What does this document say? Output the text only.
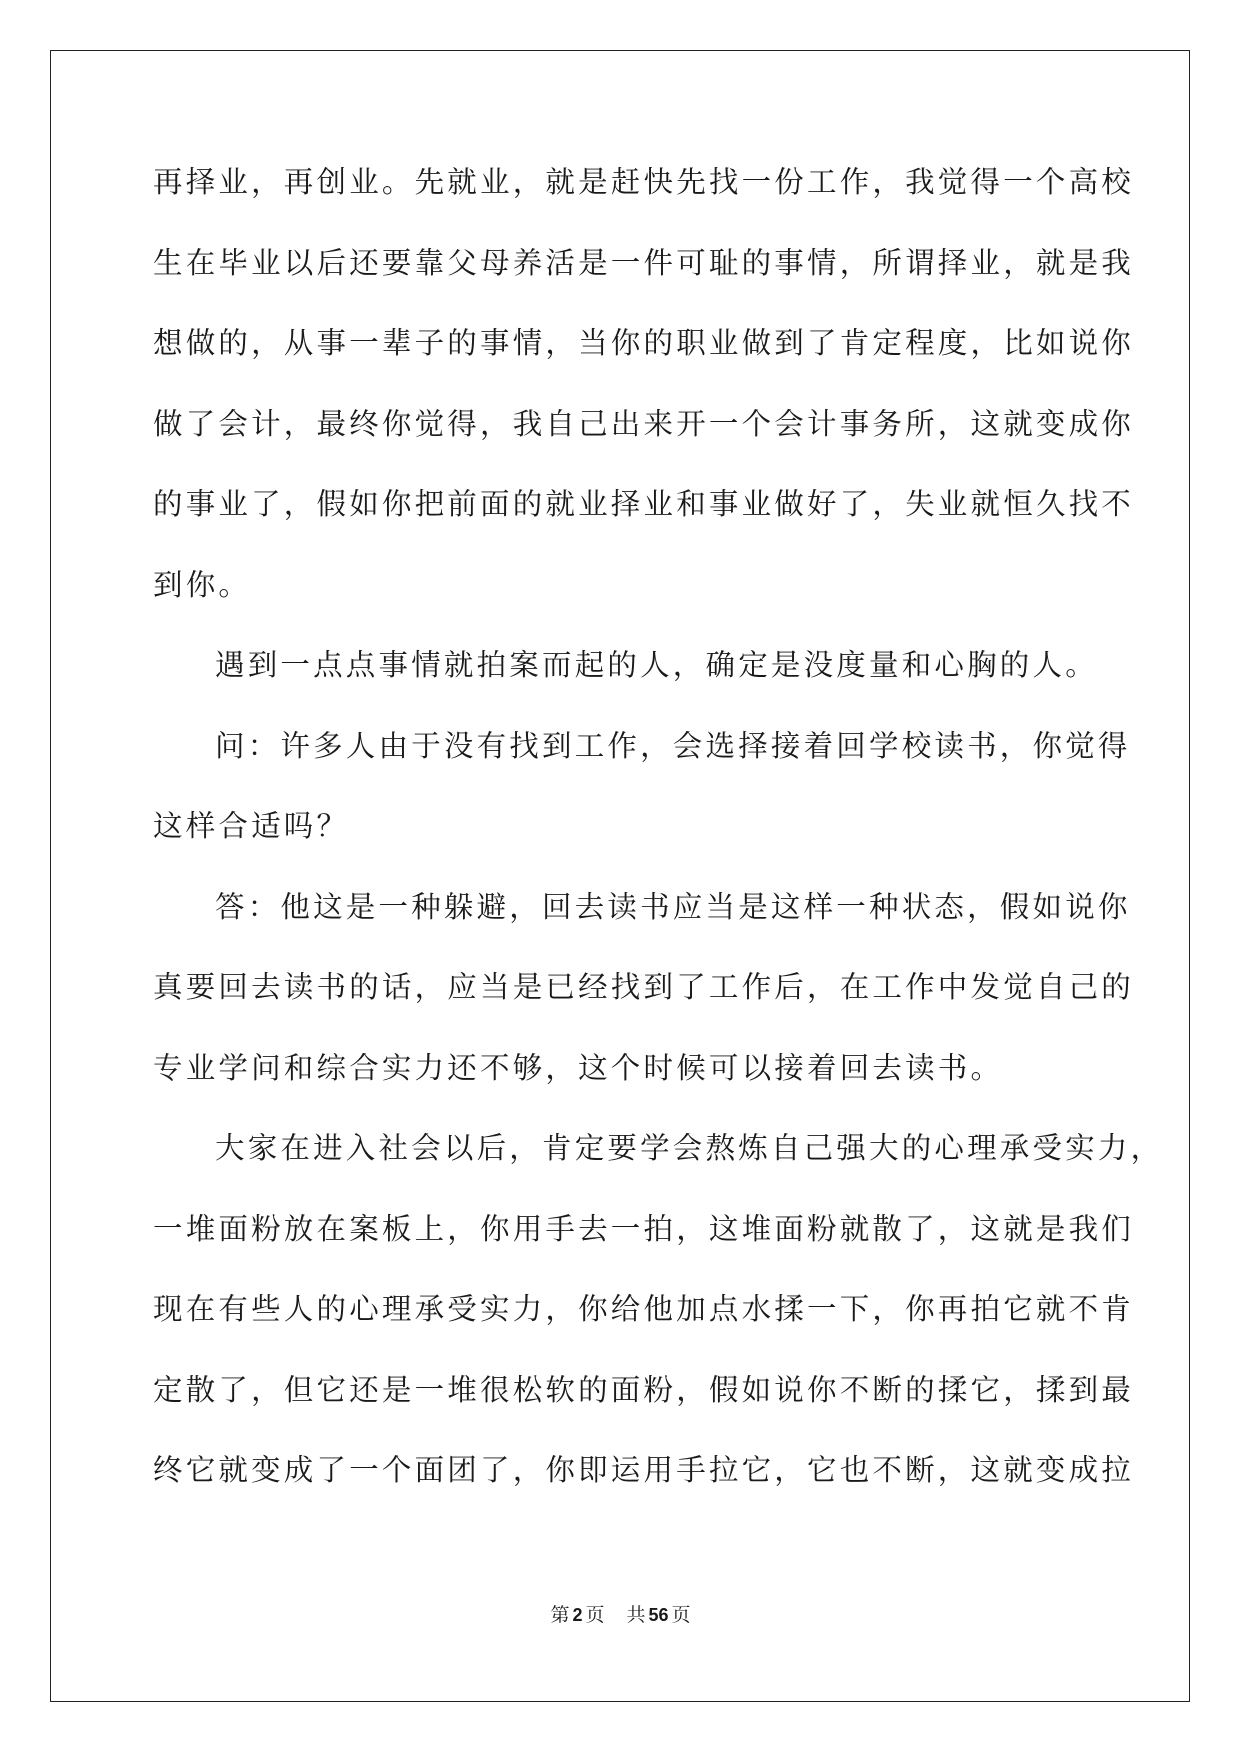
再择业，再创业。先就业，就是赶快先找一份工作，我觉得一个高校
生在毕业以后还要靠父母养活是一件可耻的事情，所谓择业，就是我
想做的，从事一辈子的事情，当你的职业做到了肯定程度，比如说你
做了会计，最终你觉得，我自己出来开一个会计事务所，这就变成你
的事业了，假如你把前面的就业择业和事业做好了，失业就恒久找不
到你。
遇到一点点事情就拍案而起的人，确定是没度量和心胸的人。
问：许多人由于没有找到工作，会选择接着回学校读书，你觉得
这样合适吗？
答：他这是一种躲避，回去读书应当是这样一种状态，假如说你
真要回去读书的话，应当是已经找到了工作后，在工作中发觉自己的
专业学问和综合实力还不够，这个时候可以接着回去读书。
大家在进入社会以后，肯定要学会熬炼自己强大的心理承受实力，
一堆面粉放在案板上，你用手去一拍，这堆面粉就散了，这就是我们
现在有些人的心理承受实力，你给他加点水揉一下，你再拍它就不肯
定散了，但它还是一堆很松软的面粉，假如说你不断的揉它，揉到最
终它就变成了一个面团了，你即运用手拉它，它也不断，这就变成拉
第 2 页 共 56 页
